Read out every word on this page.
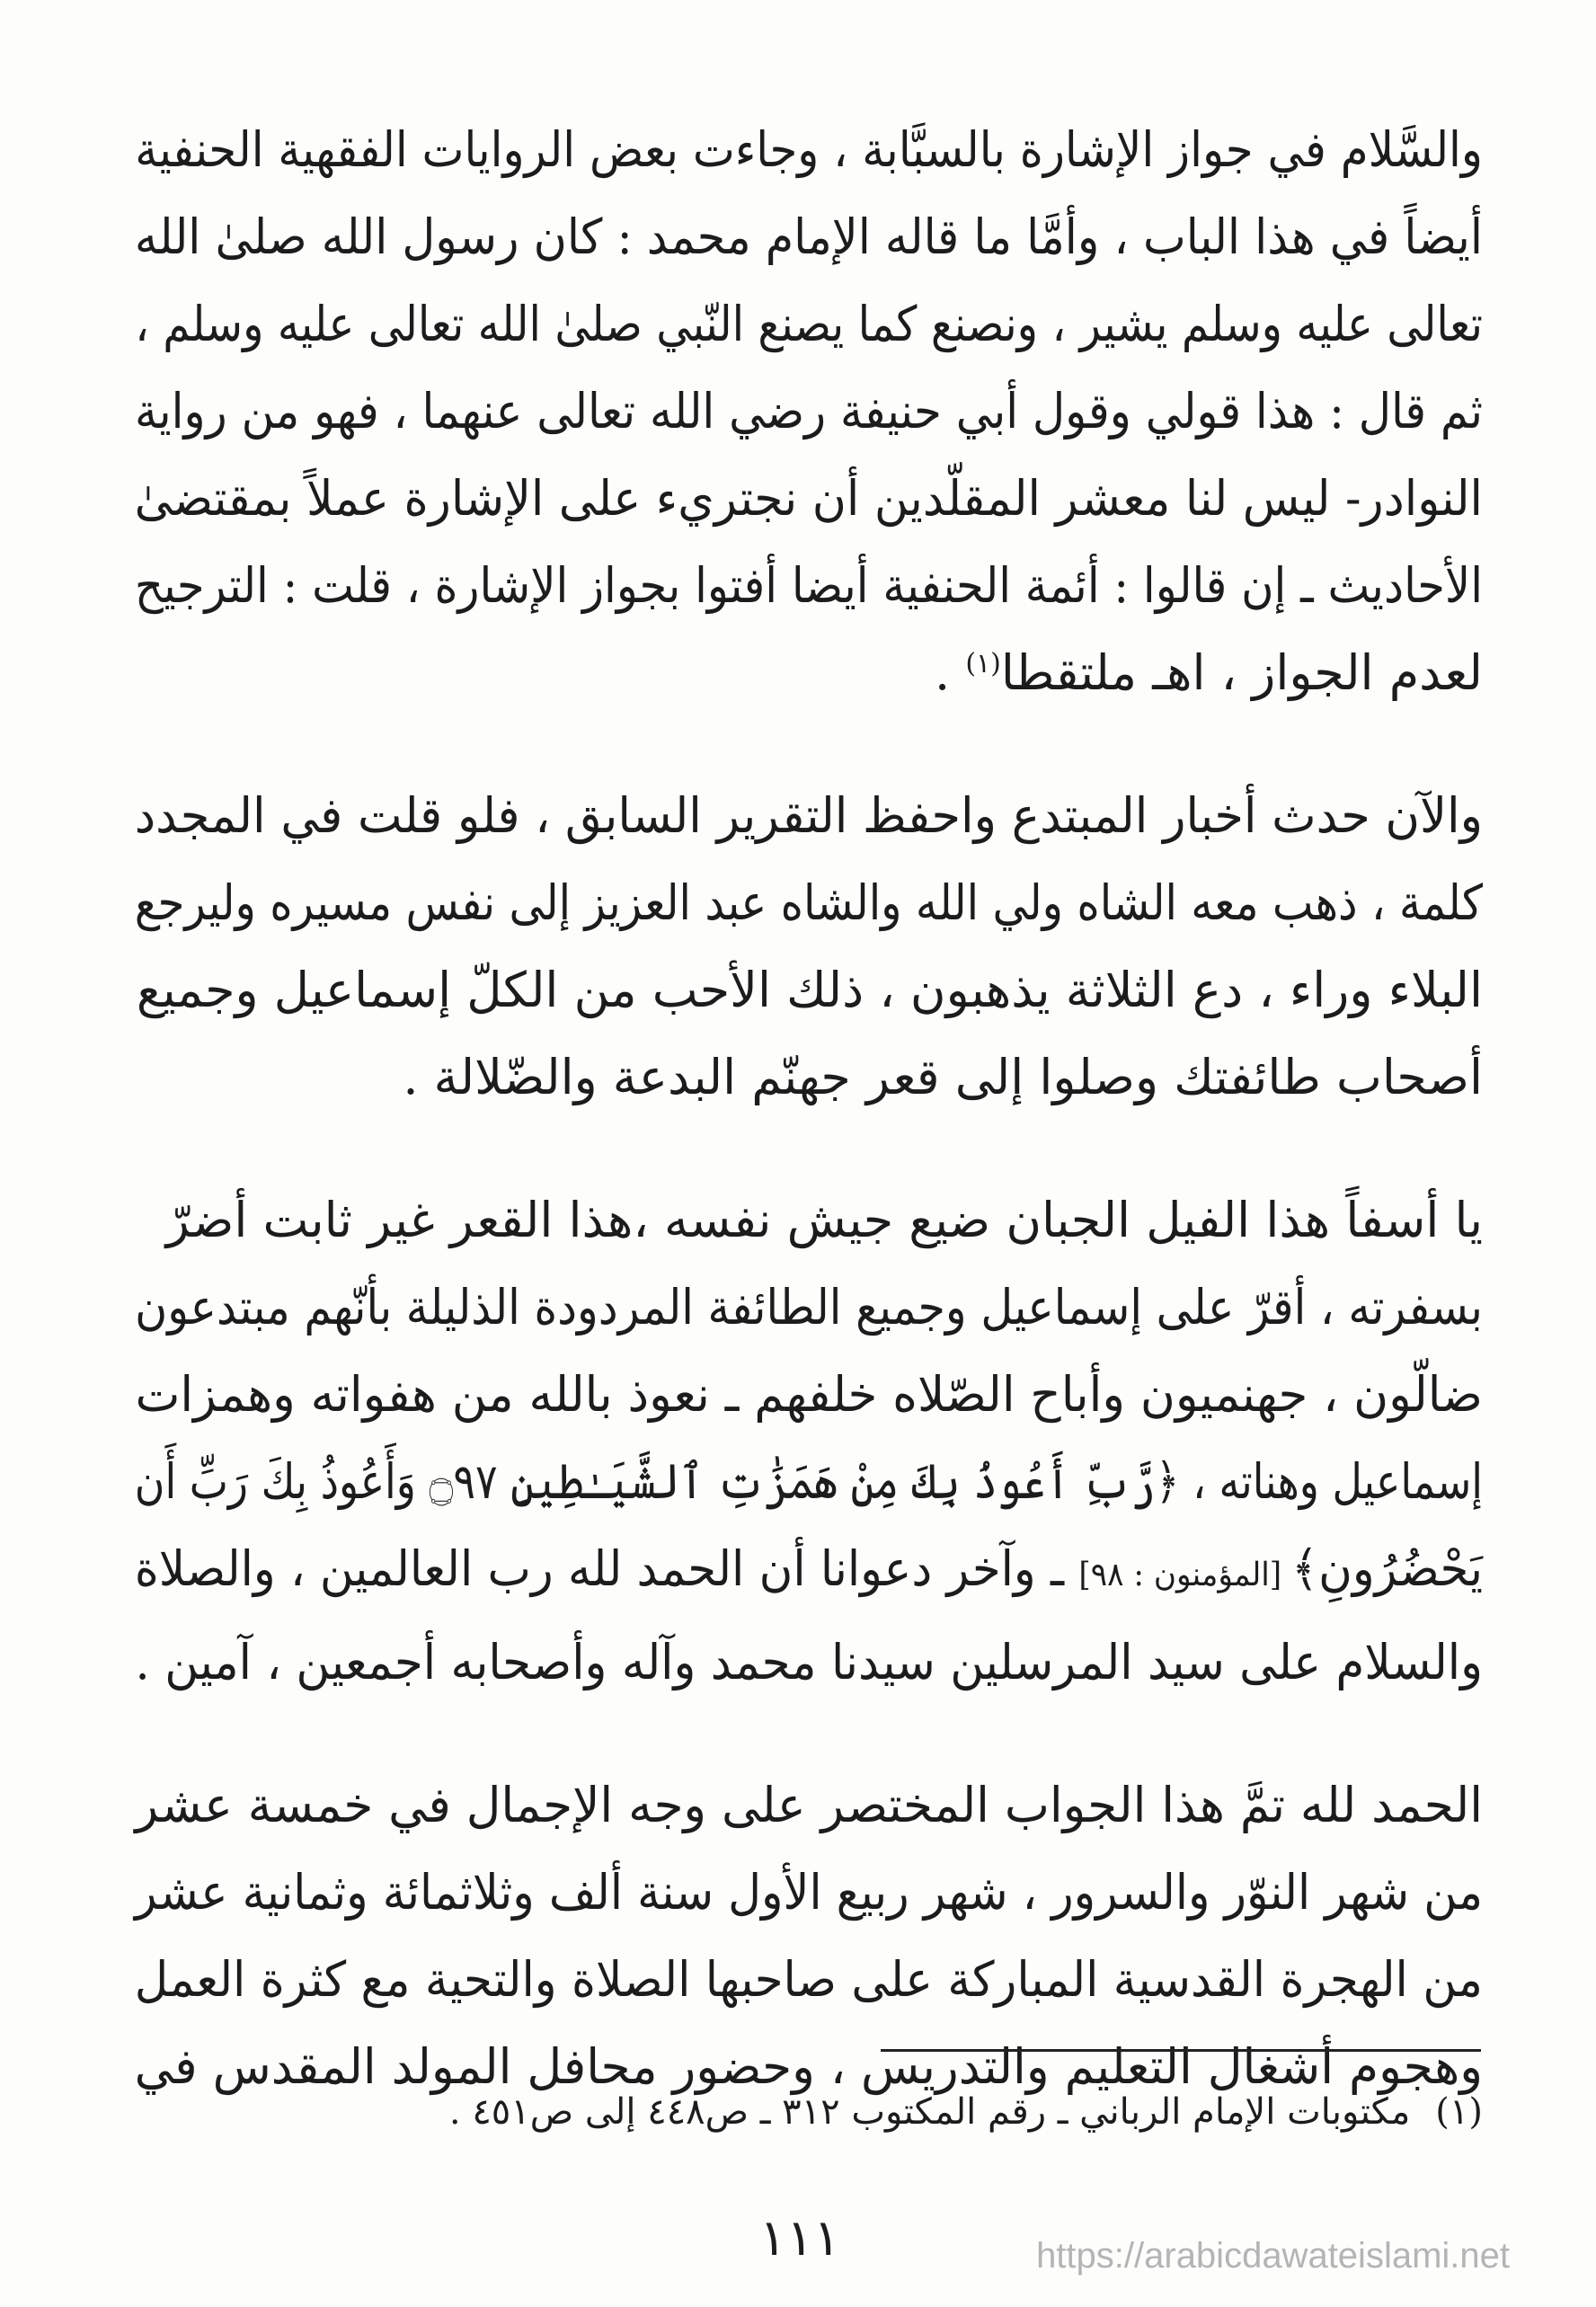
والسَّلام في جواز الإشارة بالسبَّابة ، وجاءت بعض الروايات الفقهية الحنفية
أيضاً في هذا الباب ، وأمَّا ما قاله الإمام محمد : كان رسول الله صلىٰ الله
تعالى عليه وسلم يشير ، ونصنع كما يصنع النّبي صلىٰ الله تعالى عليه وسلم ،
ثم قال : هذا قولي وقول أبي حنيفة رضي الله تعالى عنهما ، فهو من رواية
النوادر- ليس لنا معشر المقلّدين أن نجتريء على الإشارة عملاً بمقتضىٰ
الأحاديث ـ إن قالوا : أئمة الحنفية أيضا أفتوا بجواز الإشارة ، قلت : الترجيح
لعدم الجواز ، اهـ ملتقطا$^{(١)}$ .

والآن حدث أخبار المبتدع واحفظ التقرير السابق ، فلو قلت في المجدد
كلمة ، ذهب معه الشاه ولي الله والشاه عبد العزيز إلى نفس مسيره وليرجع
البلاء وراء ، دع الثلاثة يذهبون ، ذلك الأحب من الكلّ إسماعيل وجميع
أصحاب طائفتك وصلوا إلى قعر جهنّم البدعة والضّلالة .

يا أسفاً هذا الفيل الجبان ضيع جيش نفسه ،هذا القعر غير ثابت أضرّ
بسفرته ، أقرّ على إسماعيل وجميع الطائفة المردودة الذليلة بأنّهم مبتدعون
ضالّون ، جهنميون وأباح الصّلاه خلفهم ـ نعوذ بالله من هفواته وهمزات
إسماعيل وهناته ، ﴿رَّبِّ أَعُوذُ بِكَ مِنْ هَمَزَٰتِ ٱلشَّيَـٰطِينِ ۝٩٧ وَأَعُوذُ بِكَ رَبِّ أَن
يَحْضُرُونِ﴾ [المؤمنون : ٩٨] ـ وآخر دعوانا أن الحمد لله رب العالمين ، والصلاة
والسلام على سيد المرسلين سيدنا محمد وآله وأصحابه أجمعين ، آمين .

الحمد لله تمَّ هذا الجواب المختصر على وجه الإجمال في خمسة عشر
من شهر النوّر والسرور ، شهر ربيع الأول سنة ألف وثلاثمائة وثمانية عشر
من الهجرة القدسية المباركة على صاحبها الصلاة والتحية مع كثرة العمل
وهجوم أشغال التعليم والتدريس ، وحضور محافل المولد المقدس في

(١)مكتوبات الإمام الرباني ـ رقم المكتوب ٣١٢ ـ ص٤٤٨ إلى ص٤٥١ .
١١١	https://arabicdawateislami.net
